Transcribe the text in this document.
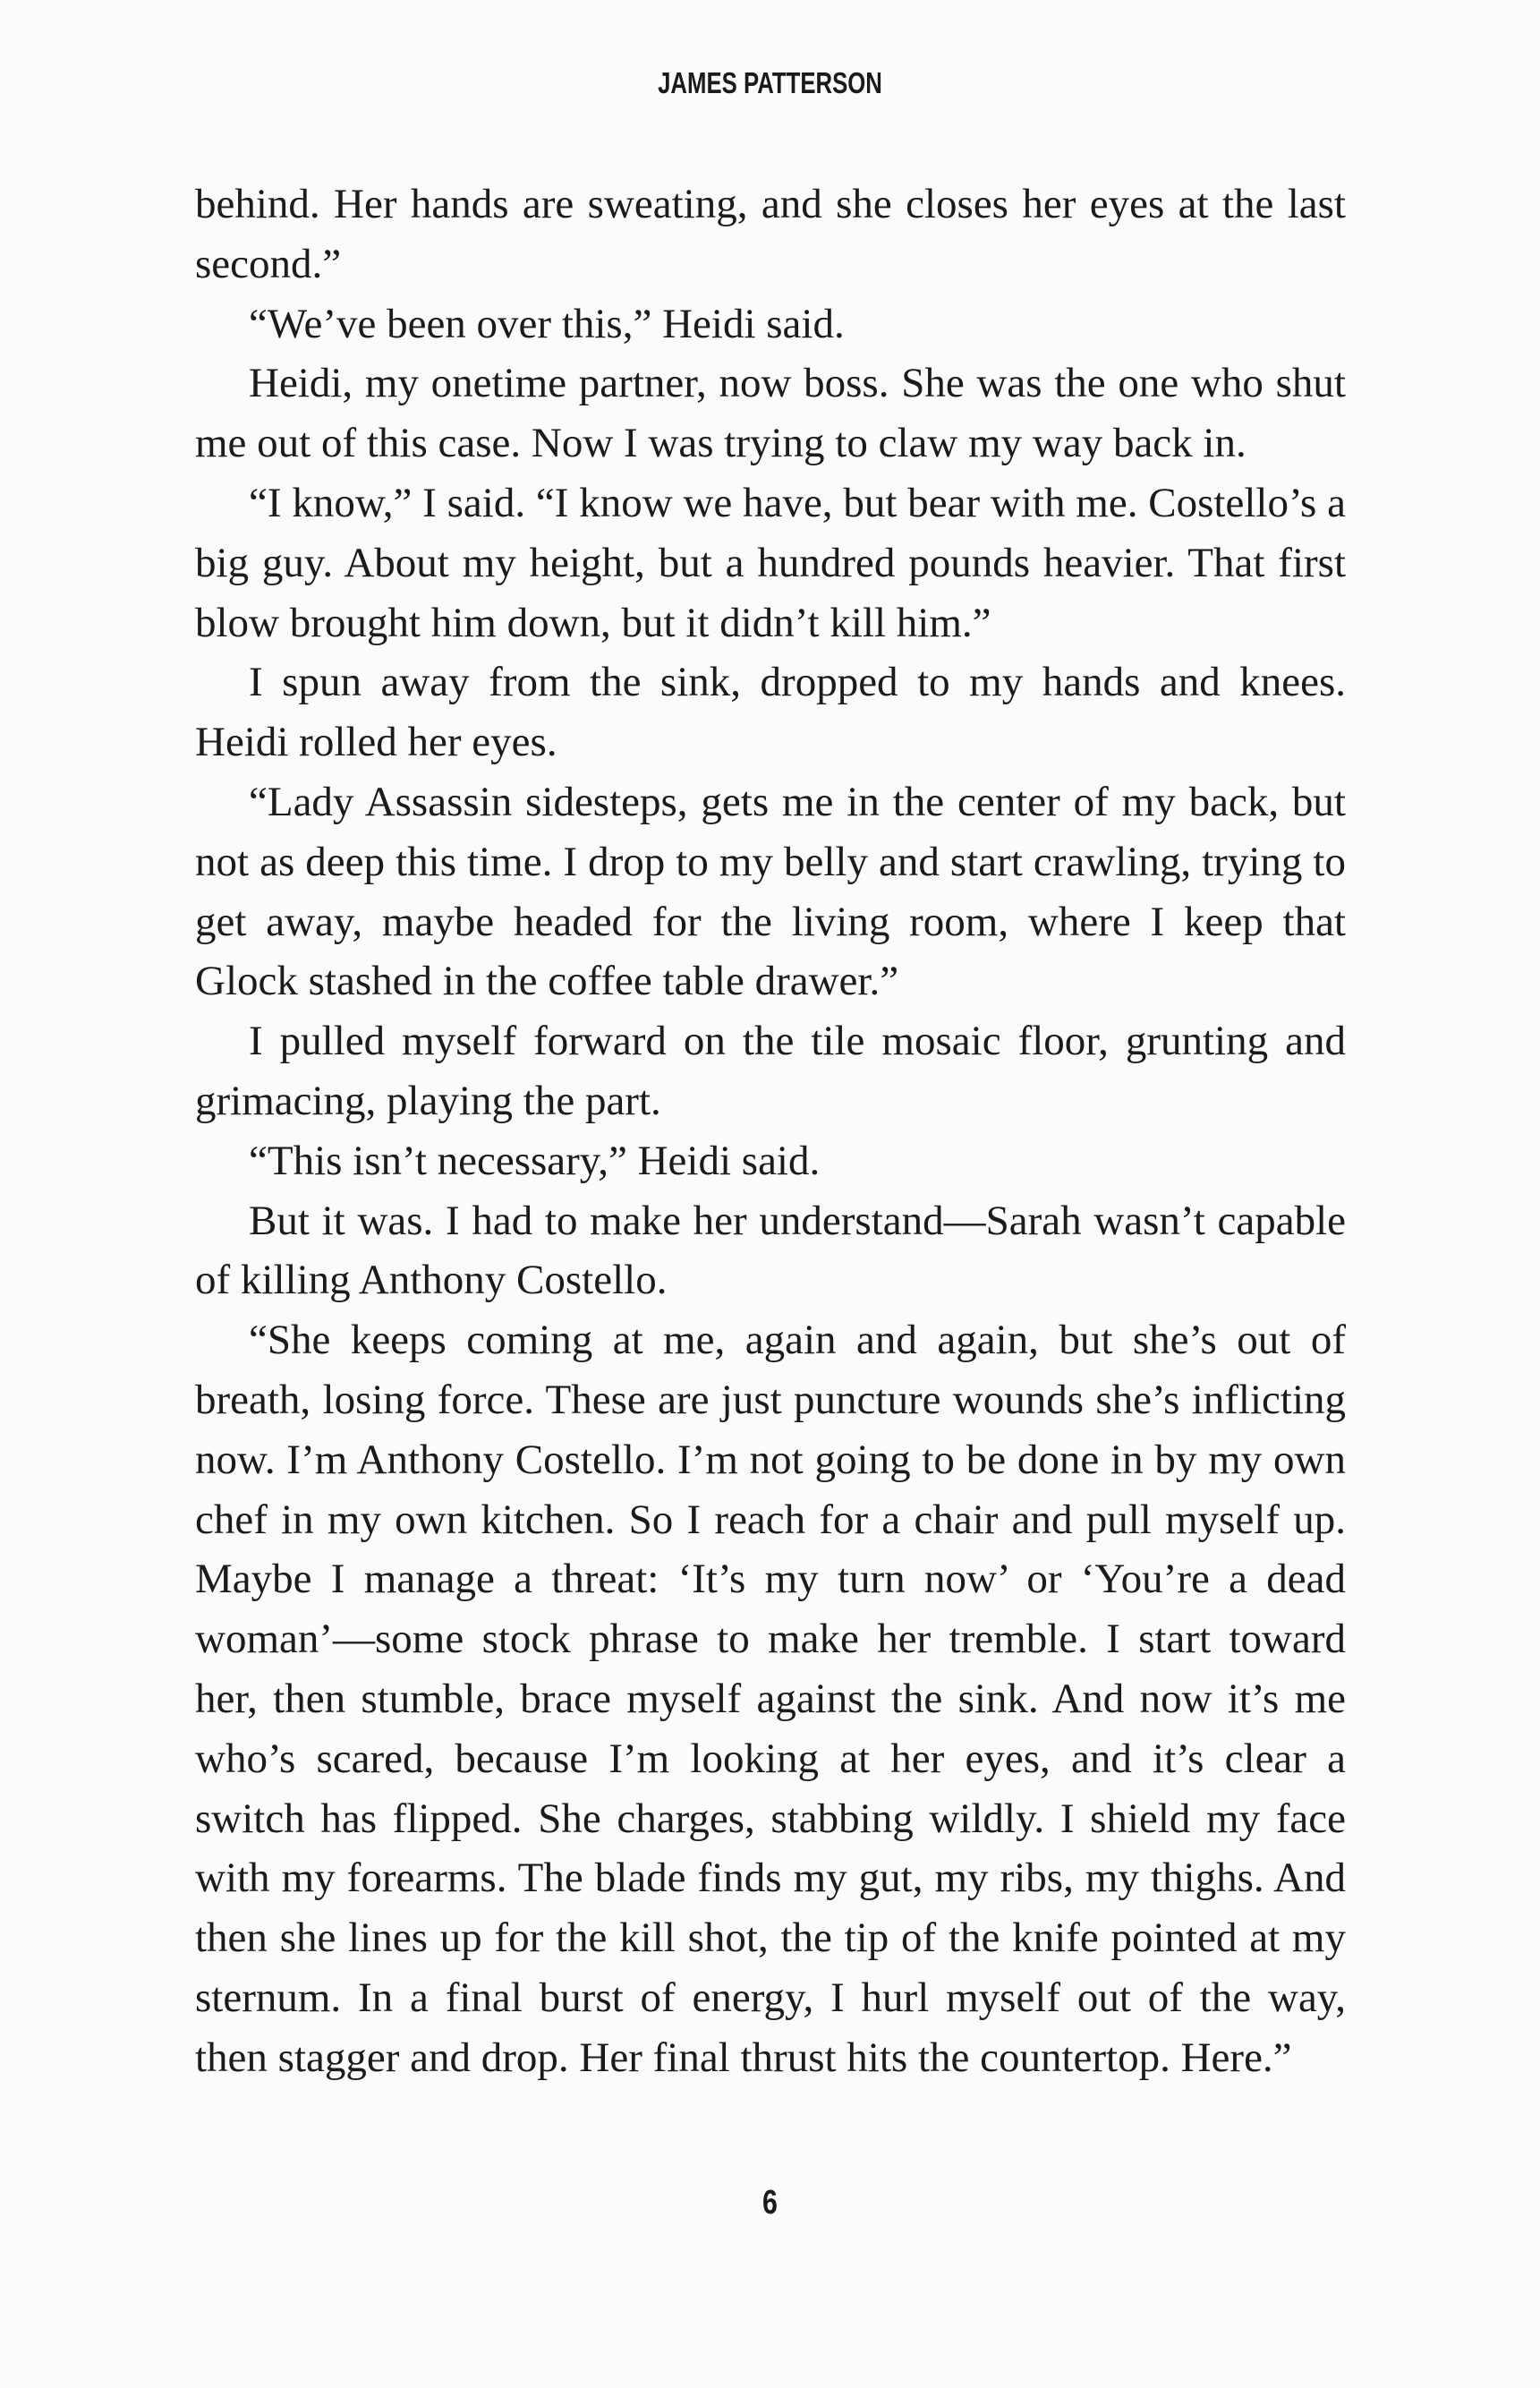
JAMES PATTERSON

behind. Her hands are sweating, and she closes her eyes at the last second.”

“We’ve been over this,” Heidi said.

Heidi, my onetime partner, now boss. She was the one who shut me out of this case. Now I was trying to claw my way back in.

“I know,” I said. “I know we have, but bear with me. Costello’s a big guy. About my height, but a hundred pounds heavier. That first blow brought him down, but it didn’t kill him.”

I spun away from the sink, dropped to my hands and knees. Heidi rolled her eyes.

“Lady Assassin sidesteps, gets me in the center of my back, but not as deep this time. I drop to my belly and start crawling, trying to get away, maybe headed for the living room, where I keep that Glock stashed in the coffee table drawer.”

I pulled myself forward on the tile mosaic floor, grunting and grimacing, playing the part.

“This isn’t necessary,” Heidi said.

But it was. I had to make her understand—Sarah wasn’t capable of killing Anthony Costello.

“She keeps coming at me, again and again, but she’s out of breath, losing force. These are just puncture wounds she’s inflicting now. I’m Anthony Costello. I’m not going to be done in by my own chef in my own kitchen. So I reach for a chair and pull myself up. Maybe I manage a threat: ‘It’s my turn now’ or ‘You’re a dead woman’—some stock phrase to make her tremble. I start toward her, then stumble, brace myself against the sink. And now it’s me who’s scared, because I’m looking at her eyes, and it’s clear a switch has flipped. She charges, stabbing wildly. I shield my face with my forearms. The blade finds my gut, my ribs, my thighs. And then she lines up for the kill shot, the tip of the knife pointed at my sternum. In a final burst of energy, I hurl myself out of the way, then stagger and drop. Her final thrust hits the countertop. Here.”

6
